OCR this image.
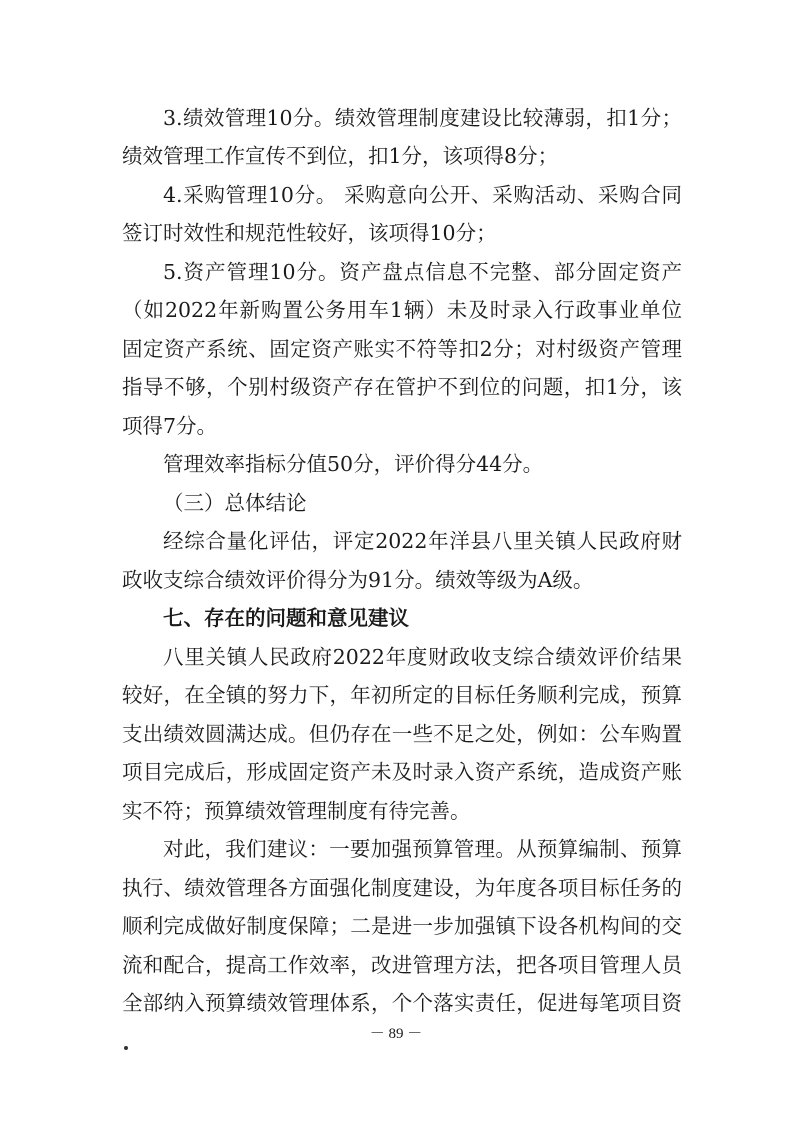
3.绩效管理10分。绩效管理制度建设比较薄弱，扣1分；
绩效管理工作宣传不到位，扣1分，该项得8分；
4.采购管理10分。 采购意向公开、采购活动、采购合同
签订时效性和规范性较好，该项得10分；
5.资产管理10分。资产盘点信息不完整、部分固定资产
（如2022年新购置公务用车1辆）未及时录入行政事业单位
固定资产系统、固定资产账实不符等扣2分；对村级资产管理
指导不够，个别村级资产存在管护不到位的问题，扣1分，该
项得7分。
管理效率指标分值50分，评价得分44分。
（三）总体结论
经综合量化评估，评定2022年洋县八里关镇人民政府财
政收支综合绩效评价得分为91分。绩效等级为A级。
七、存在的问题和意见建议
八里关镇人民政府2022年度财政收支综合绩效评价结果
较好，在全镇的努力下，年初所定的目标任务顺利完成，预算
支出绩效圆满达成。但仍存在一些不足之处，例如：公车购置
项目完成后，形成固定资产未及时录入资产系统，造成资产账
实不符；预算绩效管理制度有待完善。
对此，我们建议：一要加强预算管理。从预算编制、预算
执行、绩效管理各方面强化制度建设，为年度各项目标任务的
顺利完成做好制度保障；二是进一步加强镇下设各机构间的交
流和配合，提高工作效率，改进管理方法，把各项目管理人员
全部纳入预算绩效管理体系，个个落实责任，促进每笔项目资
－ 89 －
